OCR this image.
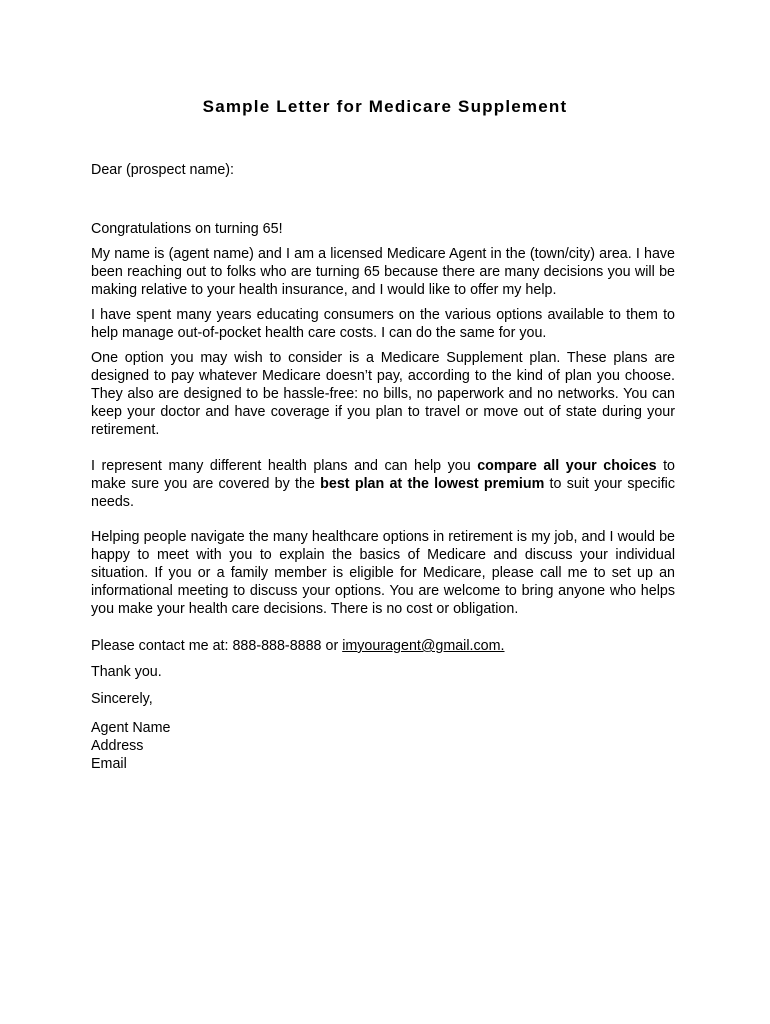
Sample Letter for Medicare Supplement
Dear (prospect name):
Congratulations on turning 65!
My name is (agent name) and I am a licensed Medicare Agent in the (town/city) area. I have been reaching out to folks who are turning 65 because there are many decisions you will be making relative to your health insurance, and I would like to offer my help.
I have spent many years educating consumers on the various options available to them to help manage out-of-pocket health care costs. I can do the same for you.
One option you may wish to consider is a Medicare Supplement plan. These plans are designed to pay whatever Medicare doesn’t pay, according to the kind of plan you choose. They also are designed to be hassle-free: no bills, no paperwork and no networks. You can keep your doctor and have coverage if you plan to travel or move out of state during your retirement.
I represent many different health plans and can help you compare all your choices to make sure you are covered by the best plan at the lowest premium to suit your specific needs.
Helping people navigate the many healthcare options in retirement is my job, and I would be happy to meet with you to explain the basics of Medicare and discuss your individual situation. If you or a family member is eligible for Medicare, please call me to set up an informational meeting to discuss your options. You are welcome to bring anyone who helps you make your health care decisions. There is no cost or obligation.
Please contact me at: 888-888-8888 or imyouragent@gmail.com.
Thank you.
Sincerely,
Agent Name
Address
Email
